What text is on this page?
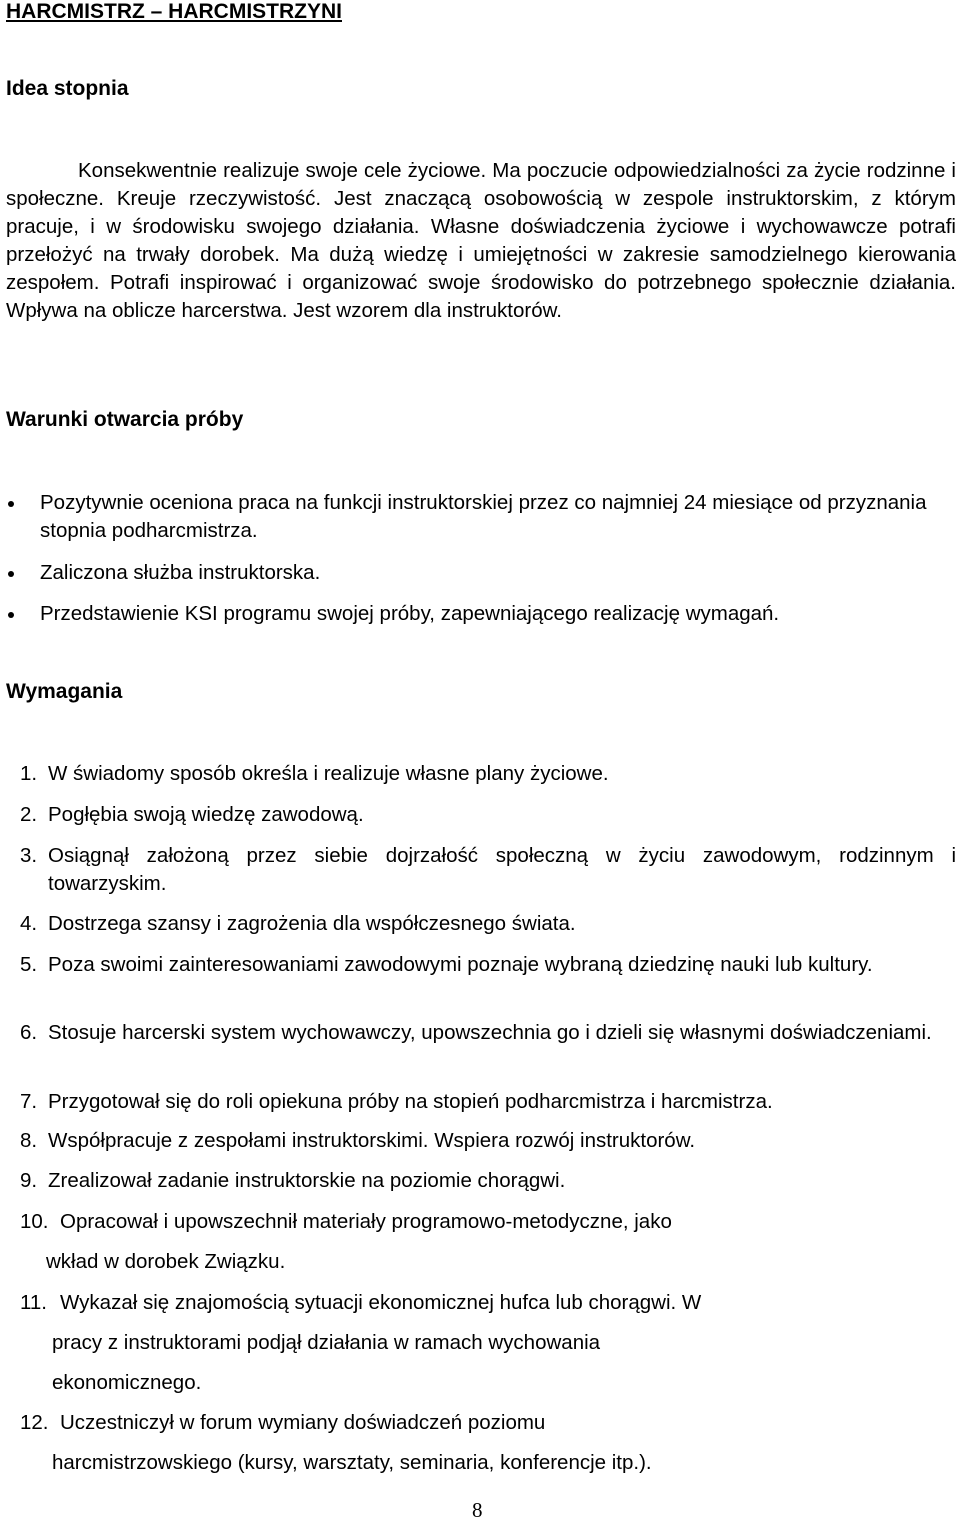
HARCMISTRZ – HARCMISTRZYNI
Idea stopnia
Konsekwentnie realizuje swoje cele życiowe. Ma poczucie odpowiedzialności za życie rodzinne i społeczne. Kreuje rzeczywistość. Jest znaczącą osobowością w zespole instruktorskim, z którym pracuje, i w środowisku swojego działania. Własne doświadczenia życiowe i wychowawcze potrafi przełożyć na trwały dorobek. Ma dużą wiedzę i umiejętności w zakresie samodzielnego kierowania zespołem. Potrafi inspirować i organizować swoje środowisko do potrzebnego społecznie działania. Wpływa na oblicze harcerstwa. Jest wzorem dla instruktorów.
Warunki otwarcia próby
Pozytywnie oceniona praca na funkcji instruktorskiej przez co najmniej 24 miesiące od przyznania stopnia podharcmistrza.
Zaliczona służba instruktorska.
Przedstawienie KSI programu swojej próby, zapewniającego realizację wymagań.
Wymagania
1. W świadomy sposób określa i realizuje własne plany życiowe.
2. Pogłębia swoją wiedzę zawodową.
3. Osiągnął założoną przez siebie dojrzałość społeczną w życiu zawodowym, rodzinnym i towarzyskim.
4. Dostrzega szansy i zagrożenia dla współczesnego świata.
5. Poza swoimi zainteresowaniami zawodowymi poznaje wybraną dziedzinę nauki lub kultury.
6. Stosuje harcerski system wychowawczy, upowszechnia go i dzieli się własnymi doświadczeniami.
7. Przygotował się do roli opiekuna próby na stopień podharcmistrza i harcmistrza.
8. Współpracuje z zespołami instruktorskimi. Wspiera rozwój instruktorów.
9. Zrealizował zadanie instruktorskie na poziomie chorągwi.
10. Opracował i upowszechnił materiały programowo-metodyczne, jako
wkład w dorobek Związku.
11. Wykazał się znajomością sytuacji ekonomicznej hufca lub chorągwi. W
pracy z instruktorami podjął działania w ramach wychowania
ekonomicznego.
12. Uczestniczył w forum wymiany doświadczeń poziomu
harcmistrzowskiego (kursy, warsztaty, seminaria, konferencje itp.).
8
